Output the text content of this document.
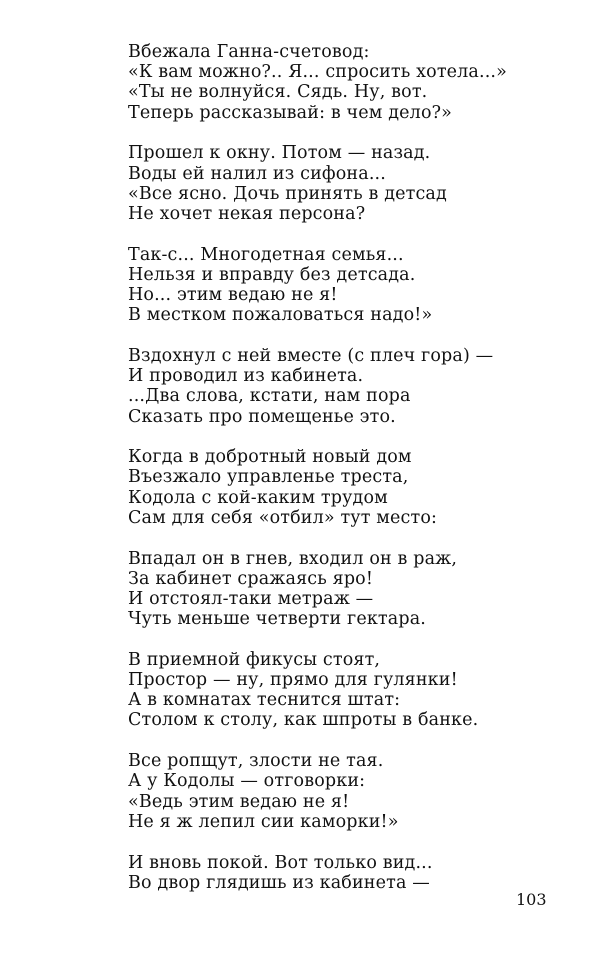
Вбежала Ганна-счетовод:
«К вам можно?.. Я... спросить хотела...»
«Ты не волнуйся. Сядь. Ну, вот.
Теперь рассказывай: в чем дело?»
Прошел к окну. Потом — назад.
Воды ей налил из сифона...
«Все ясно. Дочь принять в детсад
Не хочет некая персона?
Так-с... Многодетная семья...
Нельзя и вправду без детсада.
Но... этим ведаю не я!
В местком пожаловаться надо!»
Вздохнул с ней вместе (с плеч гора) —
И проводил из кабинета.
...Два слова, кстати, нам пора
Сказать про помещенье это.
Когда в добротный новый дом
Въезжало управленье треста,
Кодола с кой-каким трудом
Сам для себя «отбил» тут место:
Впадал он в гнев, входил он в раж,
За кабинет сражаясь яро!
И отстоял-таки метраж —
Чуть меньше четверти гектара.
В приемной фикусы стоят,
Простор — ну, прямо для гулянки!
А в комнатах теснится штат:
Столом к столу, как шпроты в банке.
Все ропщут, злости не тая.
А у Кодолы — отговорки:
«Ведь этим ведаю не я!
Не я ж лепил сии каморки!»
И вновь покой. Вот только вид...
Во двор глядишь из кабинета —
103
